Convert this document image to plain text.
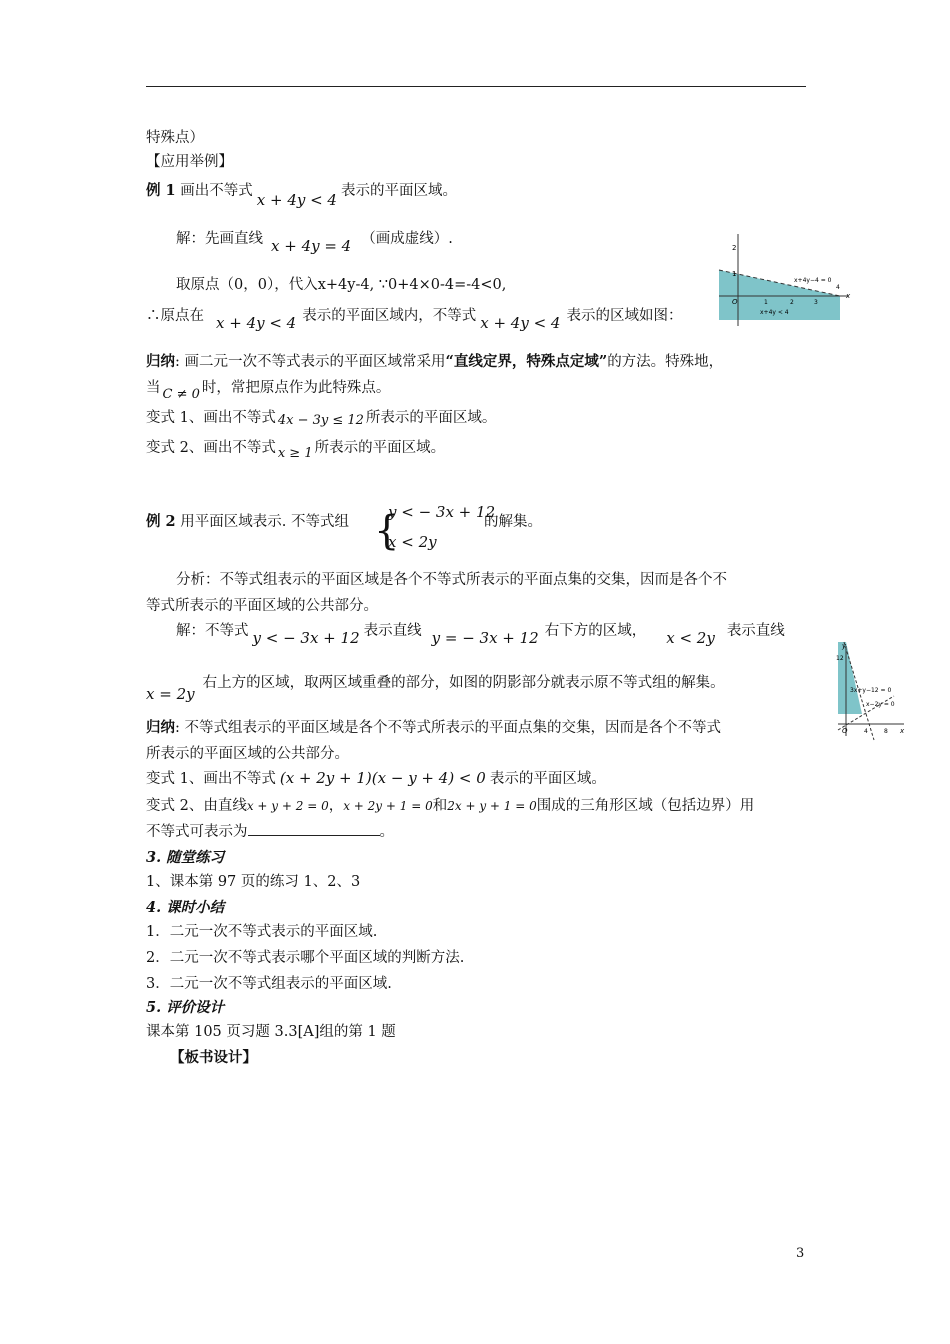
特殊点）
【应用举例】
例 1 画出不等式 x + 4y < 4 表示的平面区域。
解：先画直线 x + 4y = 4 （画成虚线）.
取原点（0，0），代入x+4y-4, ∵0+4×0-4=-4<0,
∴原点在 x + 4y < 4 表示的平面区域内，不等式 x + 4y < 4 表示的区域如图：
2
1
O	1	2	3
4
x
x+4y−4 = 0
x+4y < 4
归纳: 画二元一次不等式表示的平面区域常采用“直线定界，特殊点定域”的方法。特殊地，
当 C ≠ 0 时，常把原点作为此特殊点。
变式 1、画出不等式 4x − 3y ≤ 12 所表示的平面区域。
变式 2、画出不等式 x ≥ 1 所表示的平面区域。
例 2 用平面区域表示. 不等式组 {
y < − 3x + 12
x < 2y
的解集。
分析：不等式组表示的平面区域是各个不等式所表示的平面点集的交集，因而是各个不
等式所表示的平面区域的公共部分。
解：不等式 y < − 3x + 12 表示直线 y = − 3x + 12 右下方的区域， x < 2y 表示直线
x = 2y右上方的区域，取两区域重叠的部分，如图的阴影部分就表示原不等式组的解集。
y
12
3x+y−12 = 0
x−2y = 0
O	4	8 x
归纳: 不等式组表示的平面区域是各个不等式所表示的平面点集的交集，因而是各个不等式
所表示的平面区域的公共部分。
变式 1、画出不等式 (x + 2y + 1)(x − y + 4) < 0 表示的平面区域。
变式 2、由直线x + y + 2 = 0，x + 2y + 1 = 0和2x + y + 1 = 0围成的三角形区域（包括边界）用
不等式可表示为	。
3. 随堂练习
1、课本第 97 页的练习 1、2、3
4. 课时小结
1．二元一次不等式表示的平面区域.
2．二元一次不等式表示哪个平面区域的判断方法.
3．二元一次不等式组表示的平面区域.
5. 评价设计
课本第 105 页习题 3.3[A]组的第 1 题
【板书设计】
3
